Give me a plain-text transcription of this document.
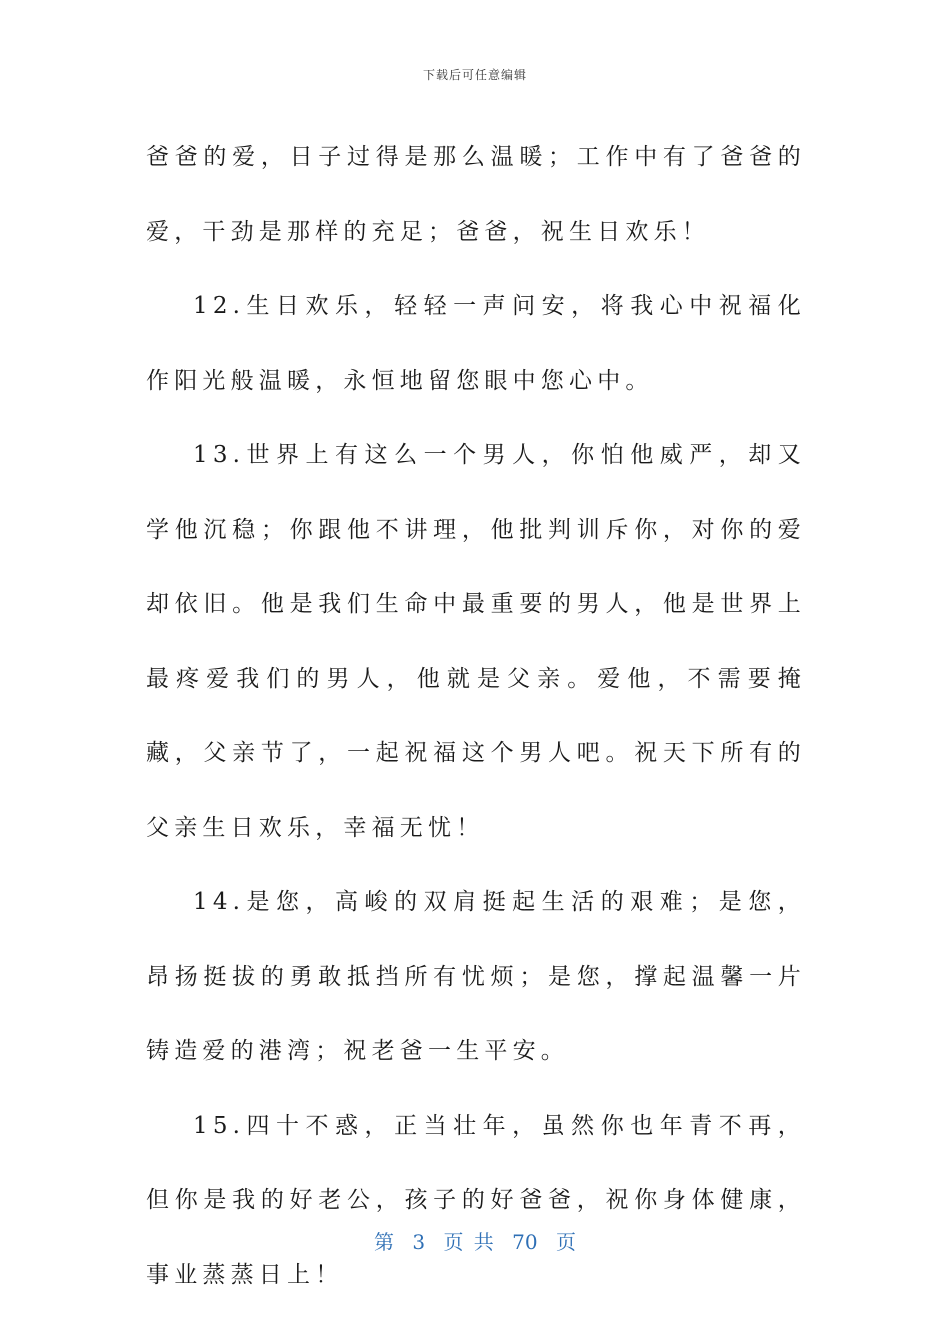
下载后可任意编辑

爸爸的爱，日子过得是那么温暖；工作中有了爸爸的爱，干劲是那样的充足；爸爸，祝生日欢乐！

12.生日欢乐，轻轻一声问安，将我心中祝福化作阳光般温暖，永恒地留您眼中您心中。

13.世界上有这么一个男人，你怕他威严，却又学他沉稳；你跟他不讲理，他批判训斥你，对你的爱却依旧。他是我们生命中最重要的男人，他是世界上最疼爱我们的男人，他就是父亲。爱他，不需要掩藏，父亲节了，一起祝福这个男人吧。祝天下所有的父亲生日欢乐，幸福无忧！

14.是您，高峻的双肩挺起生活的艰难；是您，昂扬挺拔的勇敢抵挡所有忧烦；是您，撑起温馨一片铸造爱的港湾；祝老爸一生平安。

15.四十不惑，正当壮年，虽然你也年青不再，但你是我的好老公，孩子的好爸爸，祝你身体健康，事业蒸蒸日上！

第 3 页 共 70 页
